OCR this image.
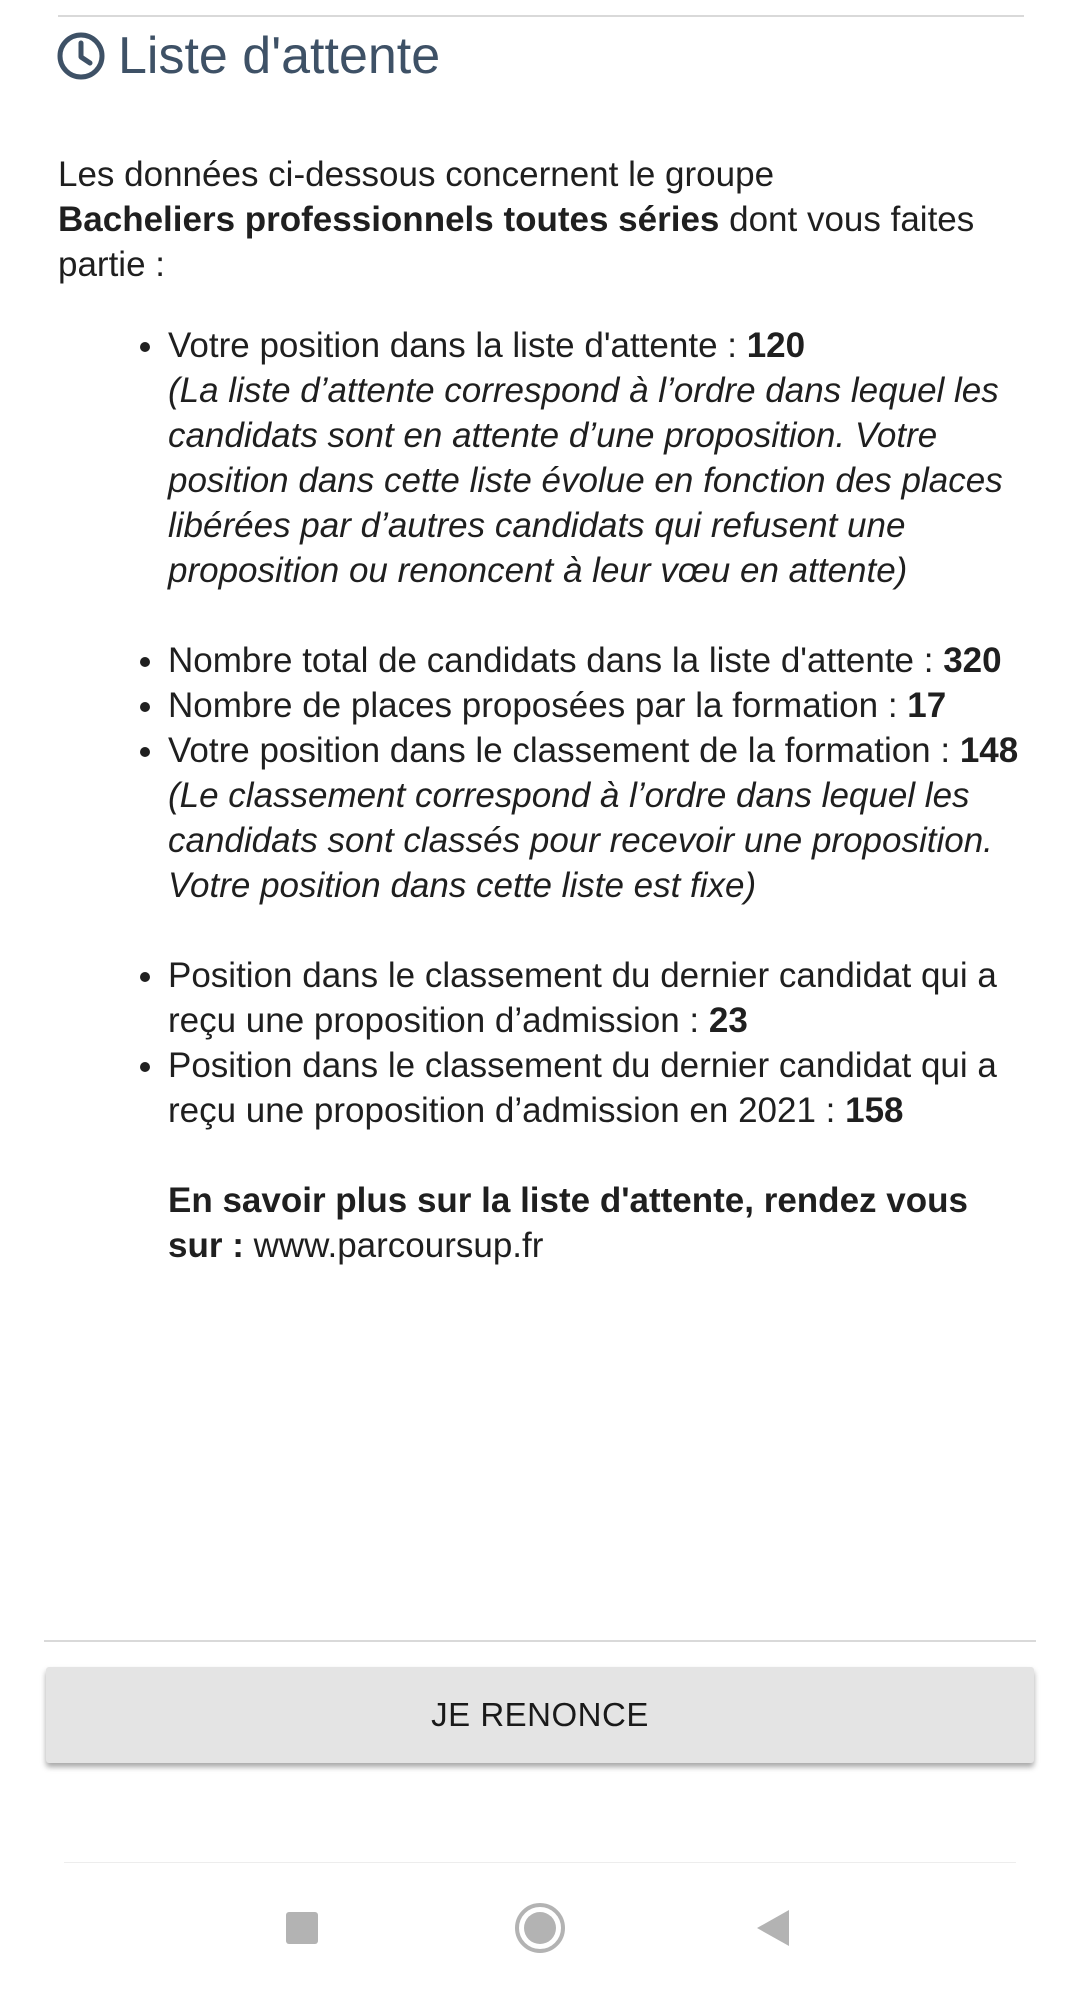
Liste d'attente

Les données ci-dessous concernent le groupe
Bacheliers professionnels toutes séries dont vous faites partie :

Votre position dans la liste d'attente : 120
(La liste d’attente correspond à l’ordre dans lequel les candidats sont en attente d’une proposition. Votre position dans cette liste évolue en fonction des places libérées par d’autres candidats qui refusent une proposition ou renoncent à leur vœu en attente)
Nombre total de candidats dans la liste d'attente : 320
Nombre de places proposées par la formation : 17
Votre position dans le classement de la formation : 148
(Le classement correspond à l’ordre dans lequel les candidats sont classés pour recevoir une proposition. Votre position dans cette liste est fixe)
Position dans le classement du dernier candidat qui a reçu une proposition d’admission : 23
Position dans le classement du dernier candidat qui a reçu une proposition d’admission en 2021 : 158

En savoir plus sur la liste d'attente, rendez vous sur : www.parcoursup.fr

JE RENONCE
